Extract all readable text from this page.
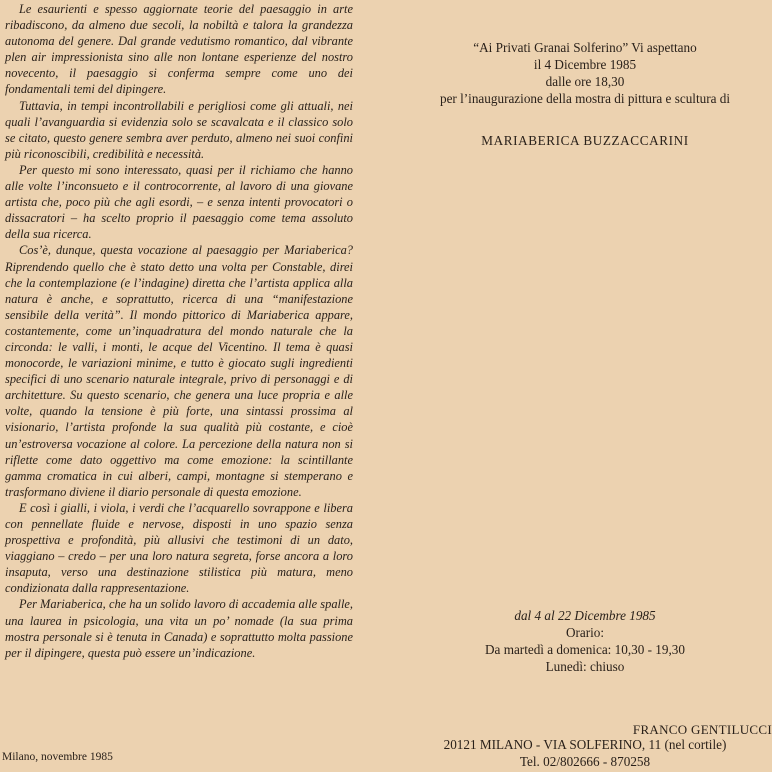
Le esaurienti e spesso aggiornate teorie del paesaggio in arte ribadiscono, da almeno due secoli, la nobiltà e talora la grandezza autonoma del genere. Dal grande vedutismo romantico, dal vibrante plen air impressionista sino alle non lontane esperienze del nostro novecento, il paesaggio si conferma sempre come uno dei fondamentali temi del dipingere.

Tuttavia, in tempi incontrollabili e perigliosi come gli attuali, nei quali l’avanguardia si evidenzia solo se scavalcata e il classico solo se citato, questo genere sembra aver perduto, almeno nei suoi confini più riconoscibili, credibilità e necessità.

Per questo mi sono interessato, quasi per il richiamo che hanno alle volte l’inconsueto e il controcorrente, al lavoro di una giovane artista che, poco più che agli esordi, – e senza intenti provocatori o dissacratori – ha scelto proprio il paesaggio come tema assoluto della sua ricerca.

Cos’è, dunque, questa vocazione al paesaggio per Mariaberica? Riprendendo quello che è stato detto una volta per Constable, direi che la contemplazione (e l’indagine) diretta che l’artista applica alla natura è anche, e soprattutto, ricerca di una “manifestazione sensibile della verità”. Il mondo pittorico di Mariaberica appare, costantemente, come un’inquadratura del mondo naturale che la circonda: le valli, i monti, le acque del Vicentino. Il tema è quasi monocorde, le variazioni minime, e tutto è giocato sugli ingredienti specifici di uno scenario naturale integrale, privo di personaggi e di architetture. Su questo scenario, che genera una luce propria e alle volte, quando la tensione è più forte, una sintassi prossima al visionario, l’artista profonde la sua qualità più costante, e cioè un’estroversa vocazione al colore. La percezione della natura non si riflette come dato oggettivo ma come emozione: la scintillante gamma cromatica in cui alberi, campi, montagne si stemperano e trasformano diviene il diario personale di questa emozione.

E così i gialli, i viola, i verdi che l’acquarello sovrappone e libera con pennellate fluide e nervose, disposti in uno spazio senza prospettiva e profondità, più allusivi che testimoni di un dato, viaggiano – credo – per una loro natura segreta, forse ancora a loro insaputa, verso una destinazione stilistica più matura, meno condizionata dalla rappresentazione.

Per Mariaberica, che ha un solido lavoro di accademia alle spalle, una laurea in psicologia, una vita un po’ nomade (la sua prima mostra personale si è tenuta in Canada) e soprattutto molta passione per il dipingere, questa può essere un’indicazione.

FRANCO GENTILUCCI
Milano, novembre 1985
“Ai Privati Granai Solferino” Vi aspettano
il 4 Dicembre 1985
dalle ore 18,30
per l’inaugurazione della mostra di pittura e scultura di
MARIABERICA BUZZACCARINI
dal 4 al 22 Dicembre 1985
Orario:
Da martedì a domenica: 10,30 - 19,30
Lunedì: chiuso
20121 MILANO - VIA SOLFERINO, 11 (nel cortile)
Tel. 02/802666 - 870258
